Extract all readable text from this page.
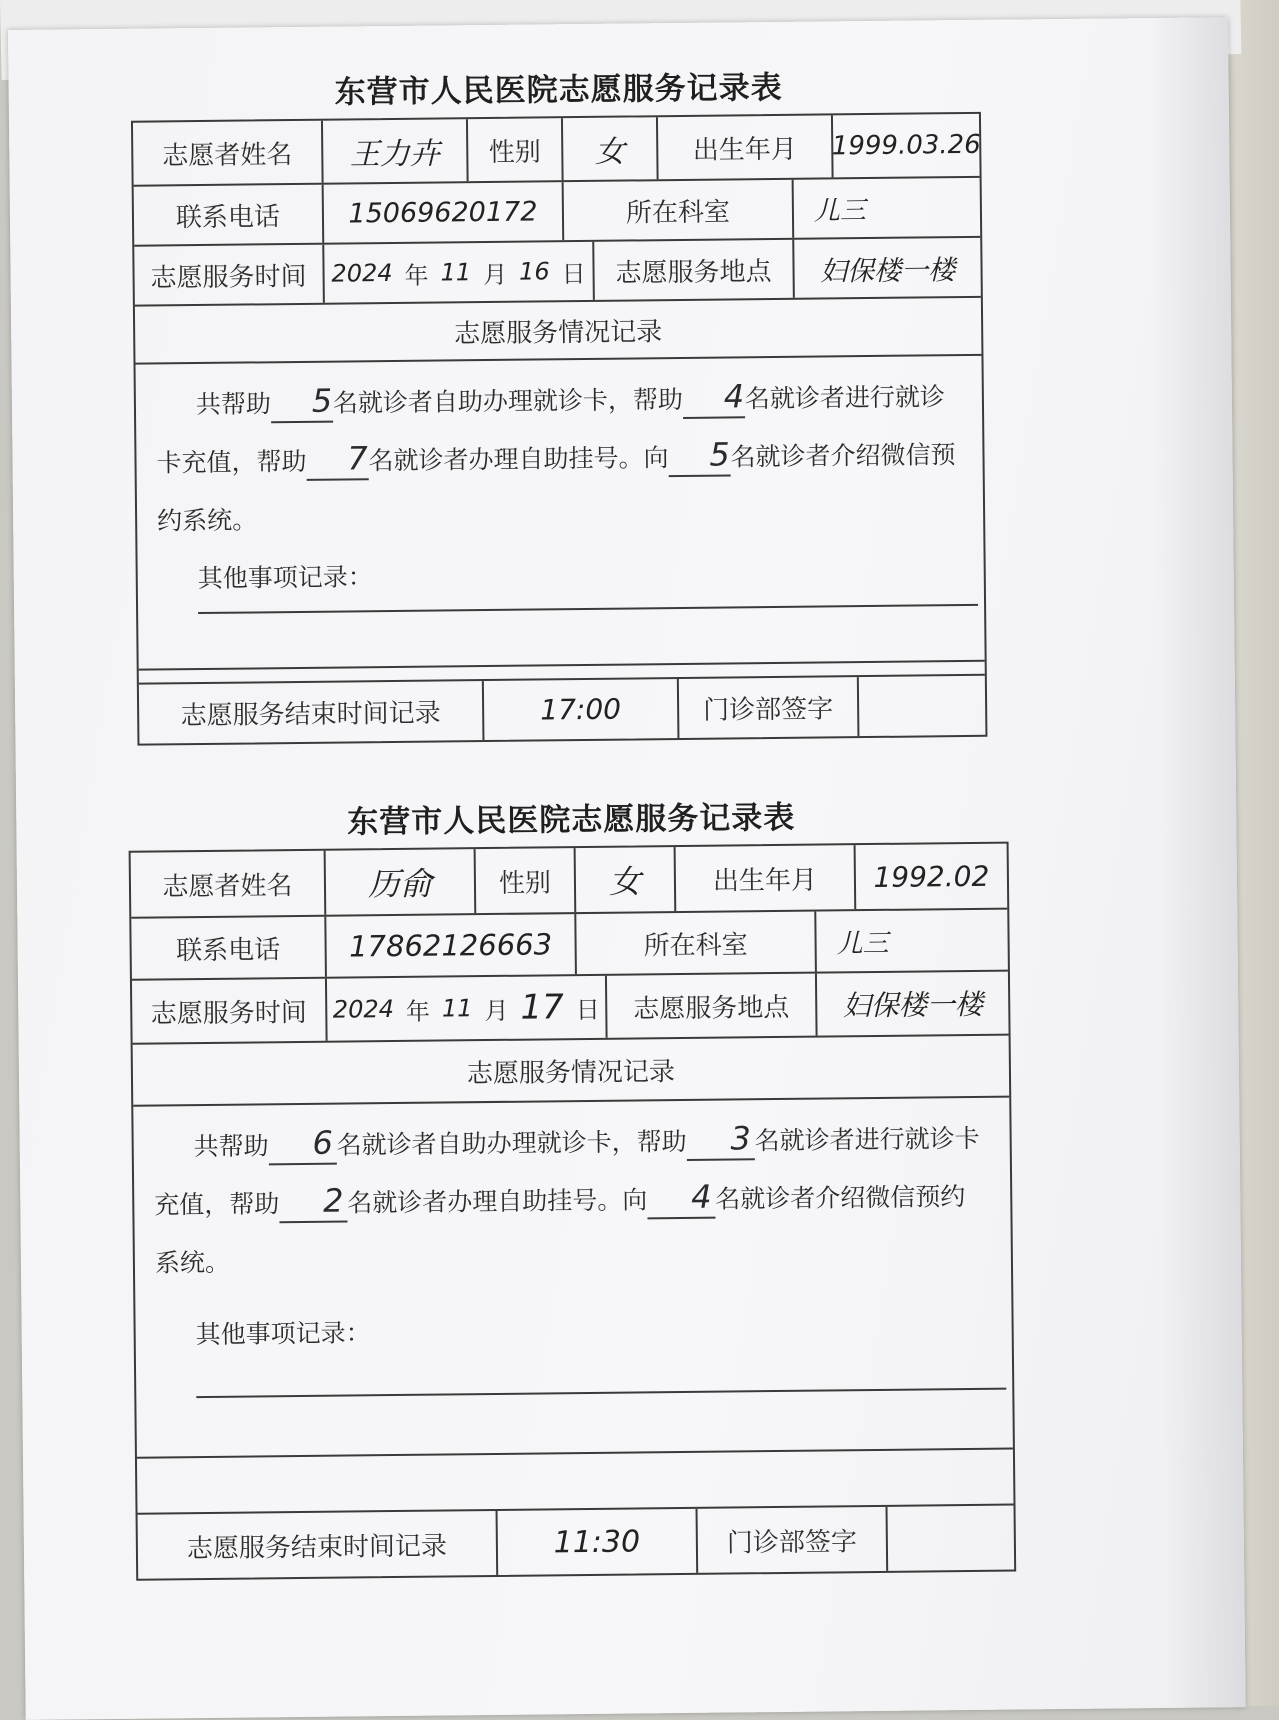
东营市人民医院志愿服务记录表
志愿者姓名	王力卉	性别	女	出生年月	1999.03.26
联系电话	15069620172	所在科室	儿三
志愿服务时间	2024 年 11 月 16 日	志愿服务地点	妇保楼一楼
志愿服务情况记录
共帮助 5名就诊者自助办理就诊卡，帮助 4名就诊者进行就诊卡充值，帮助 7名就诊者办理自助挂号。向 5名就诊者介绍微信预约系统。
其他事项记录：
志愿服务结束时间记录	17:00	门诊部签字
东营市人民医院志愿服务记录表
志愿者姓名	历俞	性别	女	出生年月	1992.02
联系电话	17862126663	所在科室	儿三
志愿服务时间	2024 年 11 月 17 日	志愿服务地点	妇保楼一楼
志愿服务情况记录
共帮助 6 名就诊者自助办理就诊卡，帮助 3 名就诊者进行就诊卡充值，帮助 2 名就诊者办理自助挂号。向 4 名就诊者介绍微信预约系统。
其他事项记录：
志愿服务结束时间记录	11:30	门诊部签字
